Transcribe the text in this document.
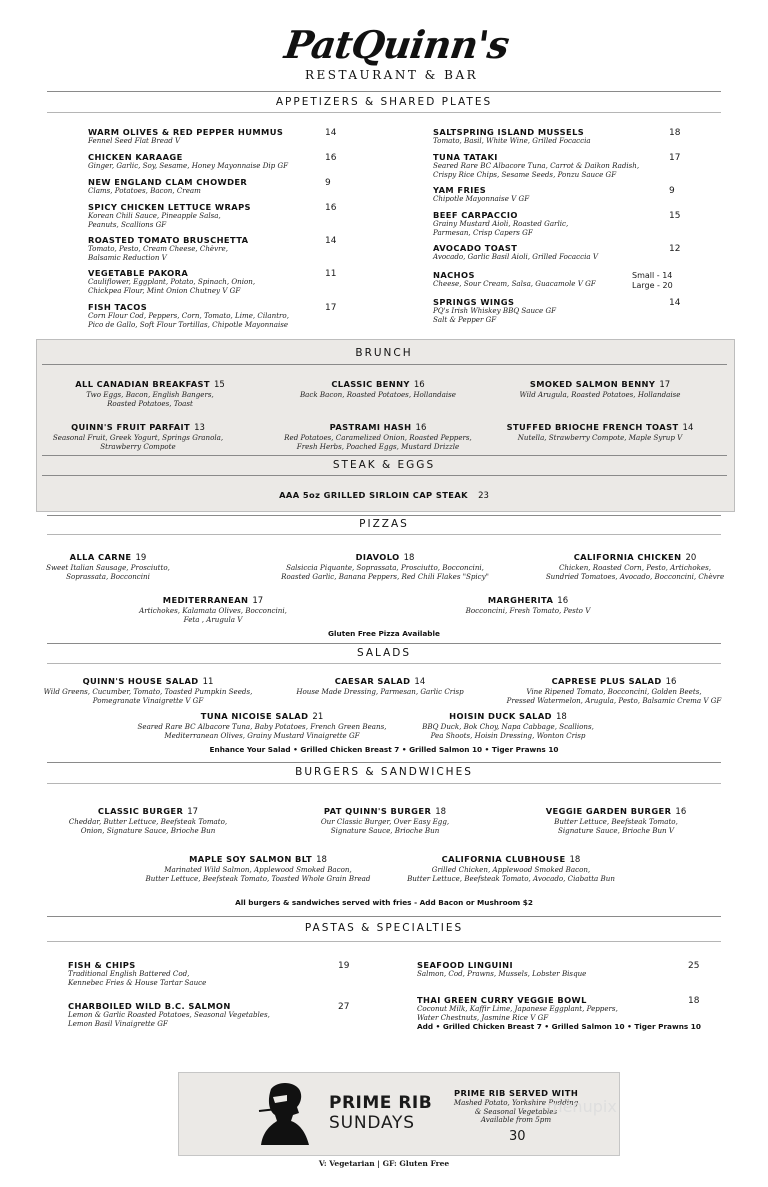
PatQuinn's
RESTAURANT & BAR
APPETIZERS & SHARED PLATES
WARM OLIVES & RED PEPPER HUMMUS
Fennel Seed Flat Bread V
14
CHICKEN KARAAGE
Ginger, Garlic, Soy, Sesame, Honey Mayonnaise Dip GF
16
NEW ENGLAND CLAM CHOWDER
Clams, Potatoes, Bacon, Cream
9
SPICY CHICKEN LETTUCE WRAPS
Korean Chili Sauce, Pineapple Salsa,
Peanuts, Scallions GF
16
ROASTED TOMATO BRUSCHETTA
Tomato, Pesto, Cream Cheese, Chèvre,
Balsamic Reduction V
14
VEGETABLE PAKORA
Cauliflower, Eggplant, Potato, Spinach, Onion,
Chickpea Flour, Mint Onion Chutney V GF
11
FISH TACOS
Corn Flour Cod, Peppers, Corn, Tomato, Lime, Cilantro,
Pico de Gallo, Soft Flour Tortillas, Chipotle Mayonnaise
17
SALTSPRING ISLAND MUSSELS
Tomato, Basil, White Wine, Grilled Focaccia
18
TUNA TATAKI
Seared Rare BC Albacore Tuna, Carrot & Daikon Radish,
Crispy Rice Chips, Sesame Seeds, Ponzu Sauce GF
17
YAM FRIES
Chipotle Mayonnaise V GF
9
BEEF CARPACCIO
Grainy Mustard Aioli, Roasted Garlic,
Parmesan, Crisp Capers GF
15
AVOCADO TOAST
Avocado, Garlic Basil Aioli, Grilled Focaccia V
12
NACHOS
Cheese, Sour Cream, Salsa, Guacamole V GF
Small - 14
Large - 20
SPRINGS WINGS
PQ's Irish Whiskey BBQ Sauce GF
Salt & Pepper GF
14
BRUNCH
ALL CANADIAN BREAKFAST 15
Two Eggs, Bacon, English Bangers,
Roasted Potatoes, Toast
CLASSIC BENNY 16
Back Bacon, Roasted Potatoes, Hollandaise
SMOKED SALMON BENNY 17
Wild Arugula, Roasted Potatoes, Hollandaise
QUINN'S FRUIT PARFAIT 13
Seasonal Fruit, Greek Yogurt, Springs Granola,
Strawberry Compote
PASTRAMI HASH 16
Red Potatoes, Caramelized Onion, Roasted Peppers,
Fresh Herbs, Poached Eggs, Mustard Drizzle
STUFFED BRIOCHE FRENCH TOAST 14
Nutella, Strawberry Compote, Maple Syrup V
STEAK & EGGS
AAA 5oz GRILLED SIRLOIN CAP STEAK 23
PIZZAS
ALLA CARNE 19
Sweet Italian Sausage, Prosciutto,
Soprassata, Bocconcini
DIAVOLO 18
Salsiccia Piquante, Soprassata, Prosciutto, Bocconcini,
Roasted Garlic, Banana Peppers, Red Chili Flakes "Spicy"
CALIFORNIA CHICKEN 20
Chicken, Roasted Corn, Pesto, Artichokes,
Sundried Tomatoes, Avocado, Bocconcini, Chèvre
MEDITERRANEAN 17
Artichokes, Kalamata Olives, Bocconcini,
Feta , Arugula V
MARGHERITA 16
Bocconcini, Fresh Tomato, Pesto V
Gluten Free Pizza Available
SALADS
QUINN'S HOUSE SALAD 11
Wild Greens, Cucumber, Tomato, Toasted Pumpkin Seeds,
Pomegranate Vinaigrette V GF
CAESAR SALAD 14
House Made Dressing, Parmesan, Garlic Crisp
CAPRESE PLUS SALAD 16
Vine Ripened Tomato, Bocconcini, Golden Beets,
Pressed Watermelon, Arugula, Pesto, Balsamic Crema V GF
TUNA NICOISE SALAD 21
Seared Rare BC Albacore Tuna, Baby Potatoes, French Green Beans,
Mediterranean Olives, Grainy Mustard Vinaigrette GF
HOISIN DUCK SALAD 18
BBQ Duck, Bok Choy, Napa Cabbage, Scallions,
Pea Shoots, Hoisin Dressing, Wonton Crisp
Enhance Your Salad • Grilled Chicken Breast 7 • Grilled Salmon 10 • Tiger Prawns 10
BURGERS & SANDWICHES
CLASSIC BURGER 17
Cheddar, Butter Lettuce, Beefsteak Tomato,
Onion, Signature Sauce, Brioche Bun
PAT QUINN'S BURGER 18
Our Classic Burger, Over Easy Egg,
Signature Sauce, Brioche Bun
VEGGIE GARDEN BURGER 16
Butter Lettuce, Beefsteak Tomato,
Signature Sauce, Brioche Bun V
MAPLE SOY SALMON BLT 18
Marinated Wild Salmon, Applewood Smoked Bacon,
Butter Lettuce, Beefsteak Tomato, Toasted Whole Grain Bread
CALIFORNIA CLUBHOUSE 18
Grilled Chicken, Applewood Smoked Bacon,
Butter Lettuce, Beefsteak Tomato, Avocado, Ciabatta Bun
All burgers & sandwiches served with fries - Add Bacon or Mushroom $2
PASTAS & SPECIALTIES
FISH & CHIPS
Traditional English Battered Cod,
Kennebec Fries & House Tartar Sauce
19
CHARBOILED WILD B.C. SALMON
Lemon & Garlic Roasted Potatoes, Seasonal Vegetables,
Lemon Basil Vinaigrette GF
27
SEAFOOD LINGUINI
Salmon, Cod, Prawns, Mussels, Lobster Bisque
25
THAI GREEN CURRY VEGGIE BOWL
Coconut Milk, Kaffir Lime, Japanese Eggplant, Peppers,
Water Chestnuts, Jasmine Rice V GF
18
Add • Grilled Chicken Breast 7 • Grilled Salmon 10 • Tiger Prawns 10
PRIME RIB
SUNDAYS
PRIME RIB SERVED WITH
Mashed Potato, Yorkshire Pudding
& Seasonal Vegetables
Available from 5pm
30
menupix
V: Vegetarian | GF: Gluten Free
